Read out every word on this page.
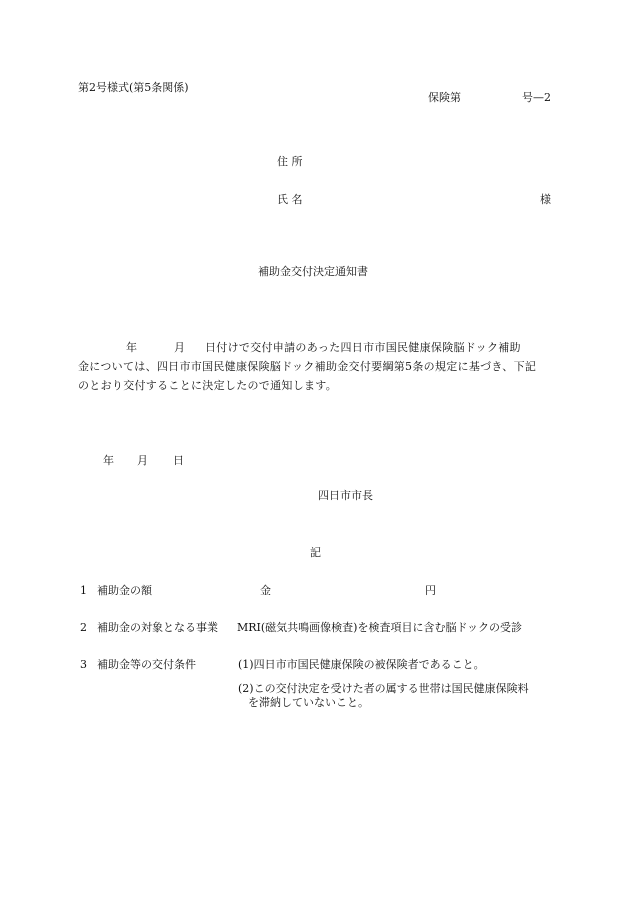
第2号様式(第5条関係)
保険第	号—2
住 所
氏 名	様
補助金交付決定通知書
年	月 日付けで交付申請のあった四日市市国民健康保険脳ドック補助
金については、四日市市国民健康保険脳ドック補助金交付要綱第5条の規定に基づき、下記
のとおり交付することに決定したので通知します。
年 月 日
四日市市長
記
1 補助金の額	金	円
2 補助金の対象となる事業 MRI(磁気共鳴画像検査)を検査項目に含む脳ドックの受診
3 補助金等の交付条件	(1)四日市市国民健康保険の被保険者であること。
(2)この交付決定を受けた者の属する世帯は国民健康保険料
を滞納していないこと。
